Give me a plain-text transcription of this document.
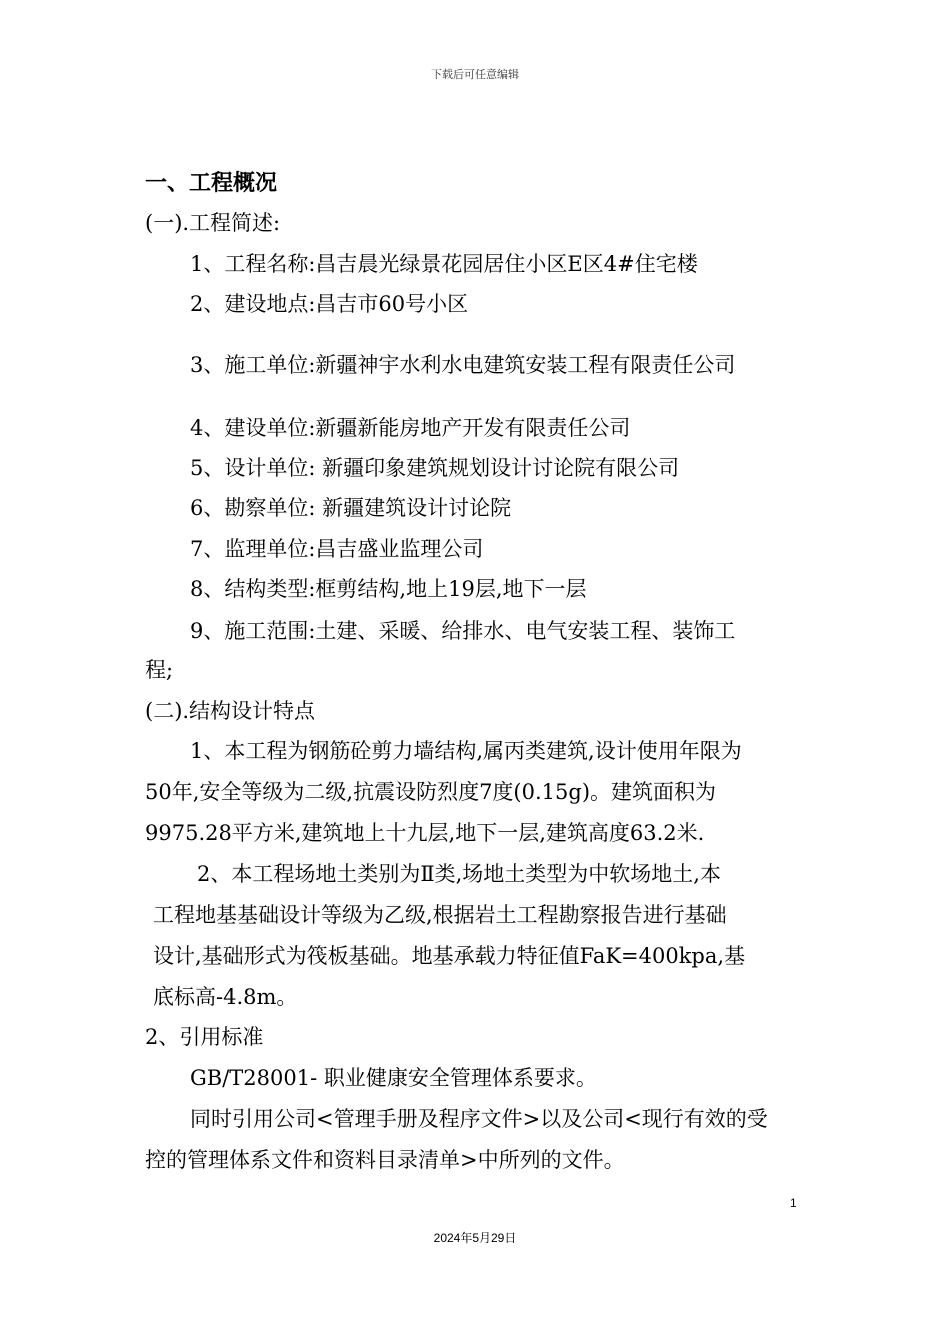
下载后可任意编辑
一、工程概况
(一).工程简述:
1、工程名称:昌吉晨光绿景花园居住小区E区4#住宅楼
2、建设地点:昌吉市60号小区
3、施工单位:新疆神宇水利水电建筑安装工程有限责任公司
4、建设单位:新疆新能房地产开发有限责任公司
5、设计单位: 新疆印象建筑规划设计讨论院有限公司
6、勘察单位: 新疆建筑设计讨论院
7、监理单位:昌吉盛业监理公司
8、结构类型:框剪结构,地上19层,地下一层
9、施工范围:土建、采暖、给排水、电气安装工程、装饰工
程;
(二).结构设计特点
1、本工程为钢筋砼剪力墙结构,属丙类建筑,设计使用年限为
50年,安全等级为二级,抗震设防烈度7度(0.15g)。建筑面积为
9975.28平方米,建筑地上十九层,地下一层,建筑高度63.2米.
2、本工程场地土类别为Ⅱ类,场地土类型为中软场地土,本
工程地基基础设计等级为乙级,根据岩土工程勘察报告进行基础
设计,基础形式为筏板基础。地基承载力特征值FaK=400kpa,基
底标高-4.8m。
2、引用标准
GB/T28001- 职业健康安全管理体系要求。
同时引用公司<管理手册及程序文件>以及公司<现行有效的受
控的管理体系文件和资料目录清单>中所列的文件。
1
2024年5月29日
